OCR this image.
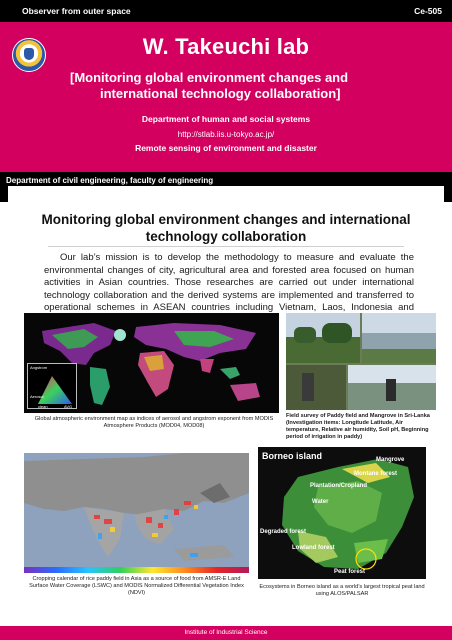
Observer from outer space	Ce-505
W. Takeuchi lab
[Monitoring global environment changes and
international technology collaboration]
Department of human and social systems
http://stlab.iis.u-tokyo.ac.jp/
Remote sensing of environment and disaster
Department of civil engineering, faculty of engineering
Monitoring global environment changes and international
technology collaboration

Our lab’s mission is to develop the methodology to measure and evaluate the environmental changes of city, agricultural area and forested area focused on human activities in Asian countries. Those researches are carried out under international technology collaboration and the derived systems are implemented and transferred to operational schemes in ASEAN countries including Vietnam, Laos, Indonesia and

Angstrom
Aerosol
clean	AVG
Global atmospheric environment map as indices of aerosol and angstrom exponent from MODIS Atmosphere Products (MOD04, MOD08)
Field survey of Paddy field and Mangrove in Sri-Lanka (Investigation items: Longitude Latitude, Air temperature, Relative air humidity, Soil pH, Beginning period of irrigation in paddy)
Cropping calendar of rice paddy field in Asia as a source of food from AMSR-E Land Surface Water Coverage (LSWC) and MODIS Normalized Differential Vegetation Index (NDVI)
Borneo island	Mangrove
Montane forest
Plantation/Cropland
Water
Degraded forest
Lowland forest
Peat forest
Ecosystems in Borneo island as a world’s largest tropical peat land using ALOS/PALSAR
Institute of Industrial Science
